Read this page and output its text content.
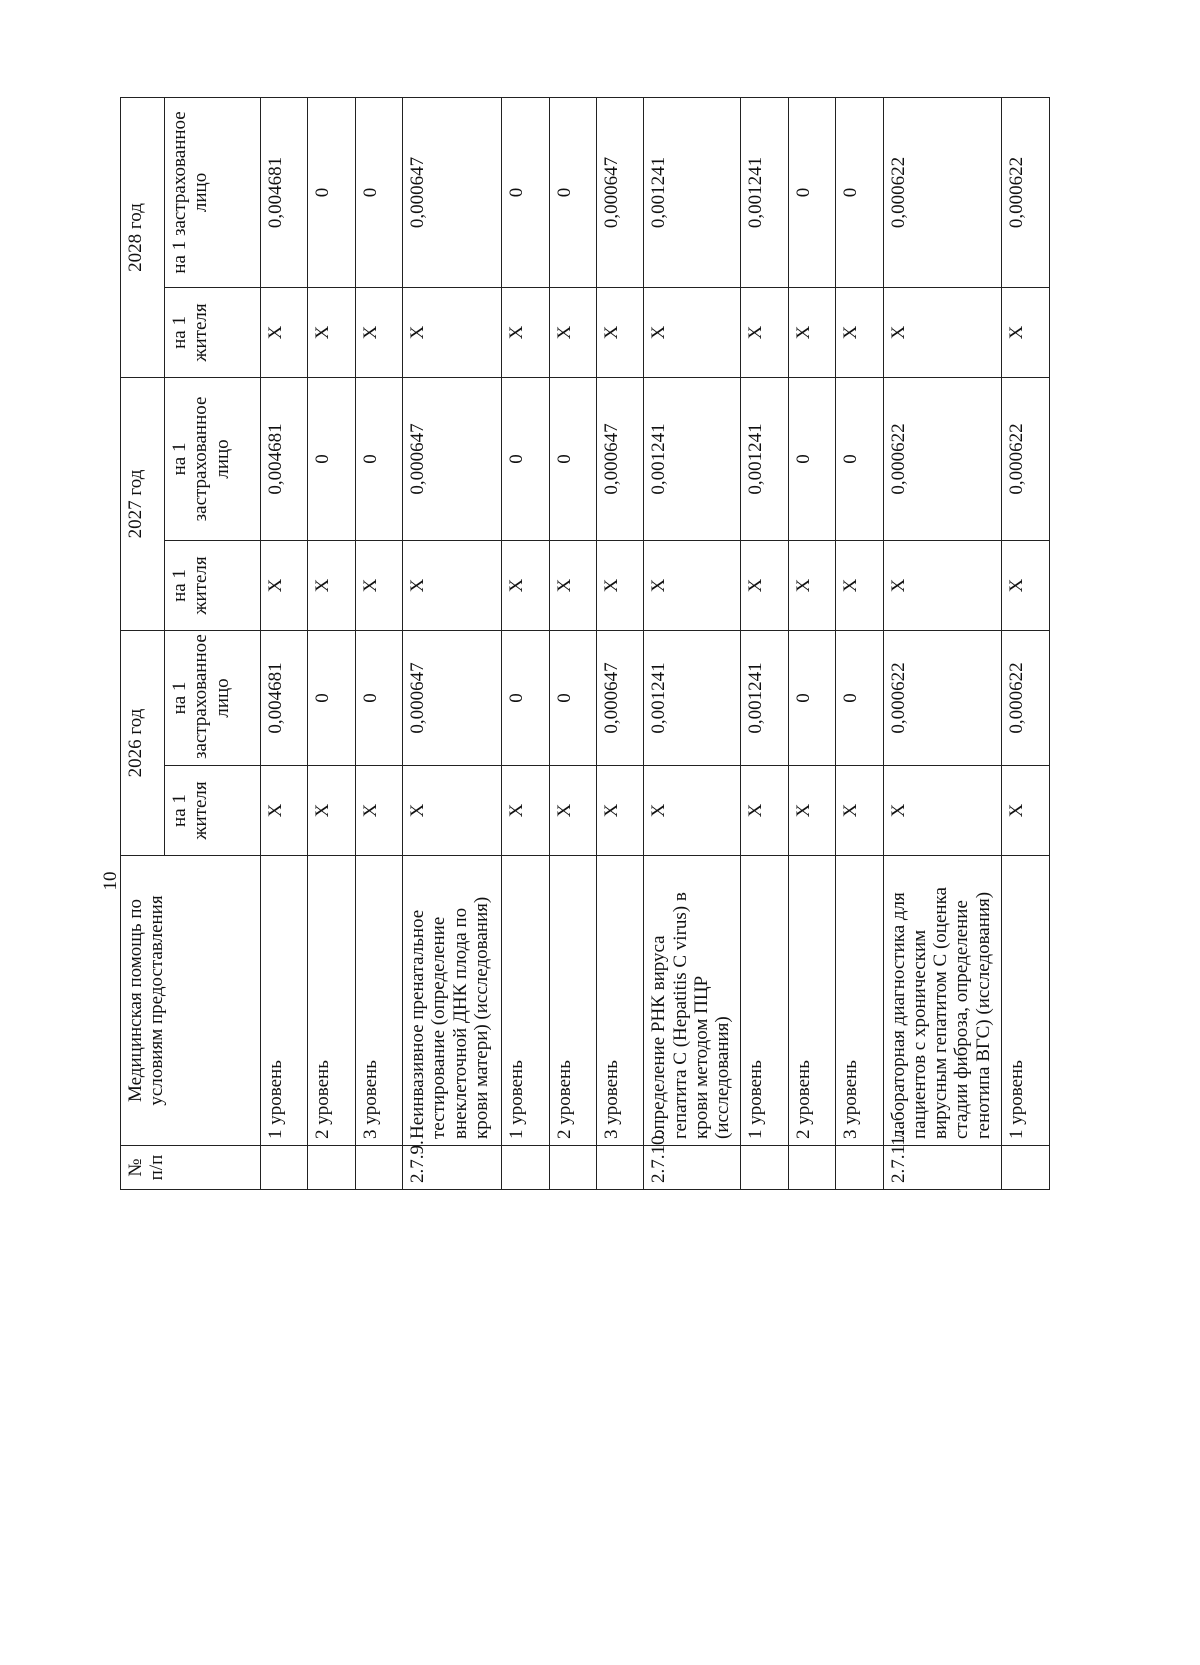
10
№ п/п	Медицинская помощь по условиям предоставления	2026 год		2027 год		2028 год	
		на 1 жителя	на 1 застрахованное лицо	на 1 жителя	на 1 застрахованное лицо	на 1 жителя	на 1 застрахованное лицо
	1 уровень	X	0,004681	X	0,004681	X	0,004681
	2 уровень	X	0	X	0	X	0
	3 уровень	X	0	X	0	X	0
2.7.9.	Неинвазивное пренатальное тестирование (определение внеклеточной ДНК плода по крови матери) (исследования)	X	0,000647	X	0,000647	X	0,000647
	1 уровень	X	0	X	0	X	0
	2 уровень	X	0	X	0	X	0
	3 уровень	X	0,000647	X	0,000647	X	0,000647
2.7.10.	определение РНК вируса гепатита С (Hepatitis C virus) в крови методом ПЦР (исследования)	X	0,001241	X	0,001241	X	0,001241
	1 уровень	X	0,001241	X	0,001241	X	0,001241
	2 уровень	X	0	X	0	X	0
	3 уровень	X	0	X	0	X	0
2.7.11.	лабораторная диагностика для пациентов с хроническим вирусным гепатитом С (оценка стадии фиброза, определение генотипа ВГС) (исследования)	X	0,000622	X	0,000622	X	0,000622
	1 уровень	X	0,000622	X	0,000622	X	0,000622
